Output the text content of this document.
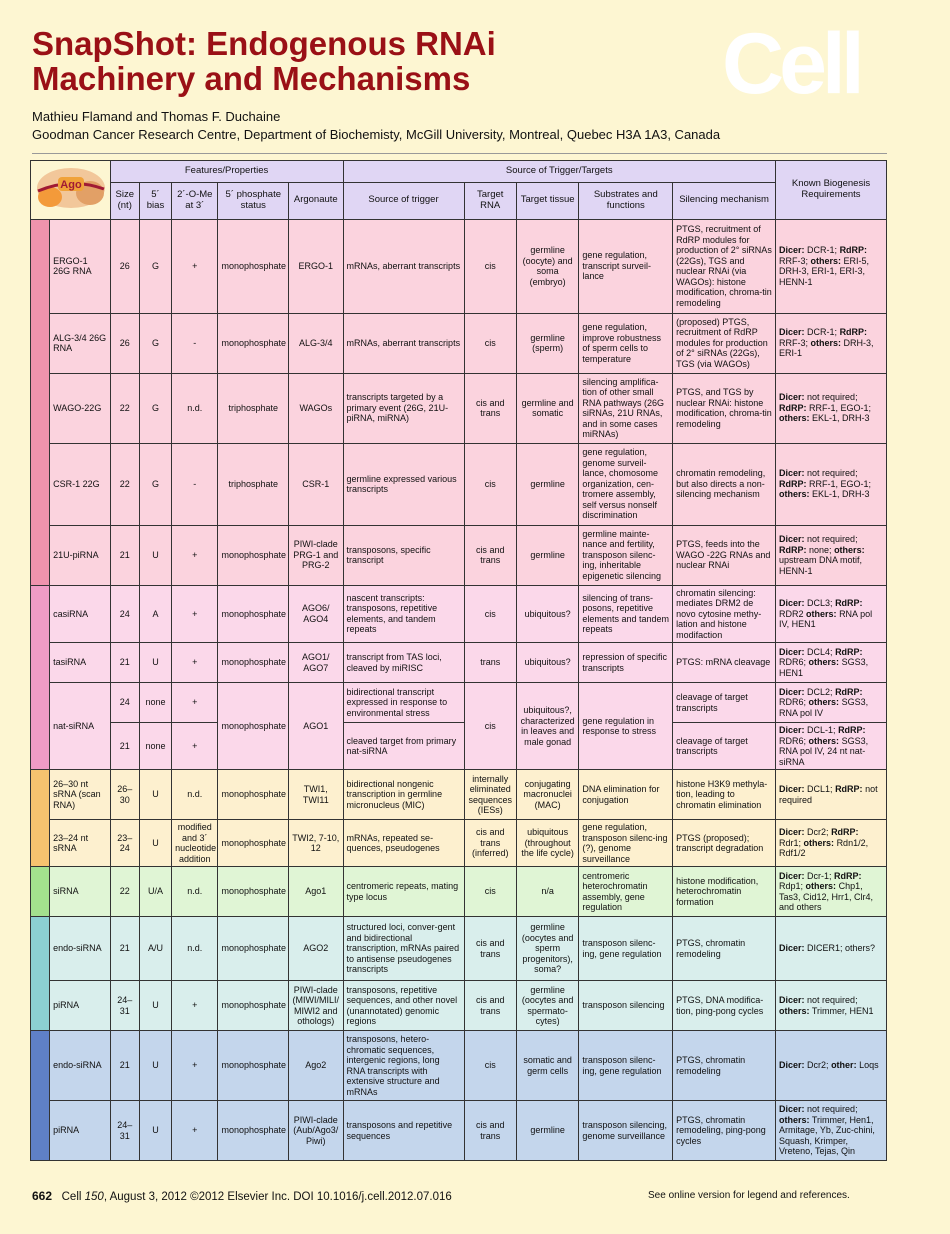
SnapShot: Endogenous RNAi
Machinery and Mechanisms	Cell
Mathieu Flamand and Thomas F. Duchaine
Goodman Cancer Research Centre, Department of Biochemisty, McGill University, Montreal, Quebec H3A 1A3, Canada
Ago		Features/Properties					Source of Trigger/Targets					Known Biogenesis Requirements
		Size (nt)	5´ bias	2´-O-Me at 3´	5´ phosphate status	Argonaute	Source of trigger	Target RNA	Target tissue	Substrates and functions	Silencing mechanism	
	ERGO-1 26G RNA	26	G	+	monophosphate	ERGO-1	mRNAs, aberrant transcripts	cis	germline (oocyte) and soma (embryo)	gene regulation, transcript surveil-lance	PTGS, recruitment of RdRP modules for production of 2° siRNAs (22Gs), TGS and nuclear RNAi (via WAGOs): histone modification, chroma-tin remodeling	Dicer: DCR-1; RdRP: RRF-3; others: ERI-5, DRH-3, ERI-1, ERI-3, HENN-1
	ALG-3/4 26G RNA	26	G	-	monophosphate	ALG-3/4	mRNAs, aberrant transcripts	cis	germline (sperm)	gene regulation, improve robustness of sperm cells to temperature	(proposed) PTGS, recruitment of RdRP modules for production of 2° siRNAs (22Gs), TGS (via WAGOs)	Dicer: DCR-1; RdRP: RRF-3; others: DRH-3, ERI-1
	WAGO-22G	22	G	n.d.	triphosphate	WAGOs	transcripts targeted by a primary event (26G, 21U-piRNA, miRNA)	cis and trans	germline and somatic	silencing amplifica-tion of other small RNA pathways (26G siRNAs, 21U RNAs, and in some cases miRNAs)	PTGS, and TGS by nuclear RNAi: histone modification, chroma-tin remodeling	Dicer: not required; RdRP: RRF-1, EGO-1; others: EKL-1, DRH-3
	CSR-1 22G	22	G	-	triphosphate	CSR-1	germline expressed various transcripts	cis	germline	gene regulation, genome surveil-lance, chomosome organization, cen-tromere assembly, self versus nonself discrimination	chromatin remodeling, but also directs a non-silencing mechanism	Dicer: not required; RdRP: RRF-1, EGO-1; others: EKL-1, DRH-3
	21U-piRNA	21	U	+	monophosphate	PIWI-clade PRG-1 and PRG-2	transposons, specific transcript	cis and trans	germline	germline mainte-nance and fertility, transposon silenc-ing, inheritable epigenetic silencing	PTGS, feeds into the WAGO -22G RNAs and nuclear RNAi	Dicer: not required; RdRP: none; others: upstream DNA motif, HENN-1
	casiRNA	24	A	+	monophosphate	AGO6/ AGO4	nascent transcripts: transposons, repetitive elements, and tandem repeats	cis	ubiquitous?	silencing of trans-posons, repetitive elements and tandem repeats	chromatin silencing: mediates DRM2 de novo cytosine methy-lation and histone modifaction	Dicer: DCL3; RdRP: RDR2 others: RNA pol IV, HEN1
	tasiRNA	21	U	+	monophosphate	AGO1/ AGO7	transcript from TAS loci, cleaved by miRISC	trans	ubiquitous?	repression of specific transcripts	PTGS: mRNA cleavage	Dicer: DCL4; RdRP: RDR6; others: SGS3, HEN1
	nat-siRNA	24	none	+	monophosphate	AGO1	bidirectional transcript expressed in response to environmental stress	cis	ubiquitous?, characterized in leaves and male gonad	gene regulation in response to stress	cleavage of target transcripts	Dicer: DCL2; RdRP: RDR6; others: SGS3, RNA pol IV
		21	none	+			cleaved target from primary nat-siRNA				cleavage of target transcripts	Dicer: DCL-1; RdRP: RDR6; others: SGS3, RNA pol IV, 24 nt nat-siRNA
	26–30 nt sRNA (scan RNA)	26– 30	U	n.d.	monophosphate	TWI1, TWI11	bidirectional nongenic transcription in germline micronucleus (MIC)	internally eliminated sequences (IESs)	conjugating macronuclei (MAC)	DNA elimination for conjugation	histone H3K9 methyla-tion, leading to chromatin elimination	Dicer: DCL1; RdRP: not required
	23–24 nt sRNA	23– 24	U	modified and 3´ nucleotide addition	monophosphate	TWI2, 7-10, 12	mRNAs, repeated se-quences, pseudogenes	cis and trans (inferred)	ubiquitous (throughout the life cycle)	gene regulation, transposon silenc-ing (?), genome surveillance	PTGS (proposed); transcript degradation	Dicer: Dcr2; RdRP: Rdr1; others: Rdn1/2, Rdf1/2
	siRNA	22	U/A	n.d.	monophosphate	Ago1	centromeric repeats, mating type locus	cis	n/a	centromeric heterochromatin assembly, gene regulation	histone modification, heterochromatin formation	Dicer: Dcr-1; RdRP: Rdp1; others: Chp1, Tas3, Cid12, Hrr1, Clr4, and others
	endo-siRNA	21	A/U	n.d.	monophosphate	AGO2	structured loci, conver-gent and bidirectional transcription, mRNAs paired to antisense pseudogenes transcripts	cis and trans	germline (oocytes and sperm progenitors), soma?	transposon silenc-ing, gene regulation	PTGS, chromatin remodeling	Dicer: DICER1; others?
	piRNA	24– 31	U	+	monophosphate	PIWI-clade (MIWI/MILI/ MIWI2 and othologs)	transposons, repetitive sequences, and other novel (unannotated) genomic regions	cis and trans	germline (oocytes and spermato-cytes)	transposon silencing	PTGS, DNA modifica-tion, ping-pong cycles	Dicer: not required; others: Trimmer, HEN1
	endo-siRNA	21	U	+	monophosphate	Ago2	transposons, hetero-chromatic sequences, intergenic regions, long RNA transcripts with extensive structure and mRNAs	cis	somatic and germ cells	transposon silenc-ing, gene regulation	PTGS, chromatin remodeling	Dicer: Dcr2; other: Loqs
	piRNA	24– 31	U	+	monophosphate	PIWI-clade (Aub/Ago3/ Piwi)	transposons and repetitive sequences	cis and trans	germline	transposon silencing, genome surveillance	PTGS, chromatin remodeling, ping-pong cycles	Dicer: not required; others: Trimmer, Hen1, Armitage, Yb, Zuc-chini, Squash, Krimper, Vreteno, Tejas, Qin
662 Cell 150, August 3, 2012 ©2012 Elsevier Inc. DOI 10.1016/j.cell.2012.07.016	See online version for legend and references.
